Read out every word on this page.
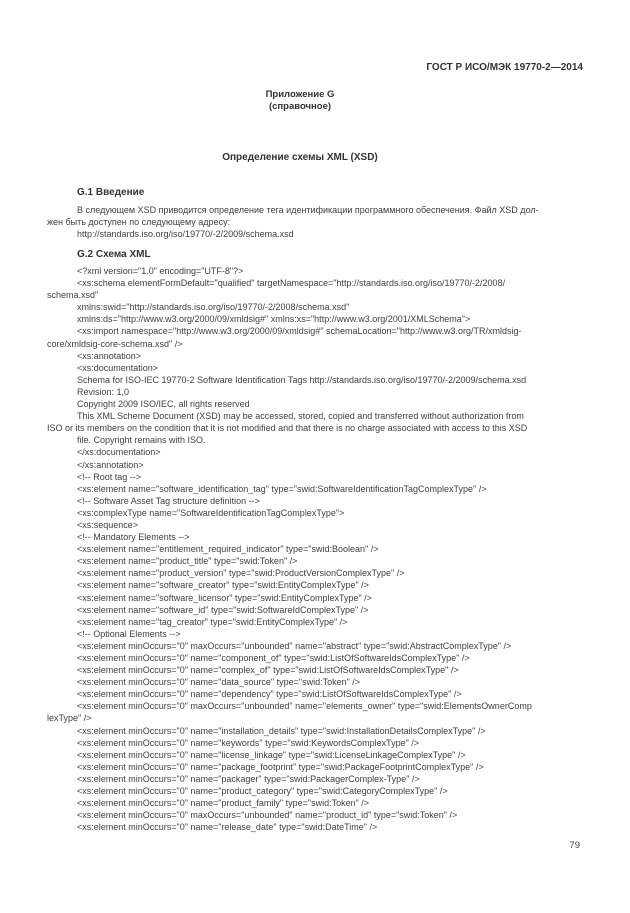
ГОСТ Р ИСО/МЭК 19770-2—2014
Приложение G
(справочное)
Определение схемы XML (XSD)
G.1 Введение
В следующем XSD приводится определение тега идентификации программного обеспечения. Файл XSD дол-
жен быть доступен по следующему адресу:
http://standards.iso.org/iso/19770/-2/2009/schema.xsd
G.2 Схема XML
<?xml version="1.0" encoding="UTF-8"?>
<xs:schema elementFormDefault="qualified" targetNamespace="http://standards.iso.org/iso/19770/-2/2008/
schema.xsd"
xmlns:swid="http://standards.iso.org/iso/19770/-2/2008/schema.xsd"
xmlns:ds="http://www.w3.org/2000/09/xmldsig#" xmlns:xs="http://www.w3.org/2001/XMLSchema">
<xs:import namespace="http://www.w3.org/2000/09/xmldsig#" schemaLocation="http://www.w3.org/TR/xmldsig-
core/xmldsig-core-schema.xsd" />
<xs:annotation>
<xs:documentation>
Schema for ISO-IEC 19770-2 Software Identification Tags http://standards.iso.org/iso/19770/-2/2009/schema.xsd
Revision: 1,0
Copyright 2009 ISO/IEC, all rights reserved
This XML Scheme Document (XSD) may be accessed, stored, copied and transferred without authorization from
ISO or its members on the condition that it is not modified and that there is no charge associated with access to this XSD
file. Copyright remains with ISO.
</xs:documentation>
</xs:annotation>
<!-- Root tag -->
<xs:element name="software_identification_tag" type="swid:SoftwareIdentificationTagComplexType" />
<!-- Software Asset Tag structure definition -->
<xs:complexType name="SoftwareIdentificationTagComplexType">
<xs:sequence>
<!-- Mandatory Elements -->
<xs:element name="entitlement_required_indicator" type="swid:Boolean" />
<xs:element name="product_title" type="swid:Token" />
<xs:element name="product_version" type="swid:ProductVersionComplexType" />
<xs:element name="software_creator" type="swid:EntityComplexType" />
<xs:element name="software_licensor" type="swid:EntityComplexType" />
<xs:element name="software_id" type="swid:SoftwareIdComplexType" />
<xs:element name="tag_creator" type="swid:EntityComplexType" />
<!-- Optional Elements -->
<xs:element minOccurs="0" maxOccurs="unbounded" name="abstract" type="swid:AbstractComplexType" />
<xs:element minOccurs="0" name="component_of" type="swid:ListOfSoftwareIdsComplexType" />
<xs:element minOccurs="0" name="complex_of" type="swid:ListOfSoftwareIdsComplexType" />
<xs:element minOccurs="0" name="data_source" type="swid:Token" />
<xs:element minOccurs="0" name="dependency" type="swid:ListOfSoftwareIdsComplexType" />
<xs:element minOccurs="0" maxOccurs="unbounded" name="elements_owner" type="swid:ElementsOwnerComp
lexType" />
<xs:element minOccurs="0" name="installation_details" type="swid:InstallationDetailsComplexType" />
<xs:element minOccurs="0" name="keywords" type="swid:KeywordsComplexType" />
<xs:element minOccurs="0" name="license_linkage" type="swid:LicenseLinkageComplexType" />
<xs:element minOccurs="0" name="package_footprint" type="swid:PackageFootprintComplexType" />
<xs:element minOccurs="0" name="packager" type="swid:PackagerComplex-Type" />
<xs:element minOccurs="0" name="product_category" type="swid:CategoryComplexType" />
<xs:element minOccurs="0" name="product_family" type="swid:Token" />
<xs:element minOccurs="0" maxOccurs="unbounded" name="product_id" type="swid:Token" />
<xs:element minOccurs="0" name="release_date" type="swid:DateTime" />
79
